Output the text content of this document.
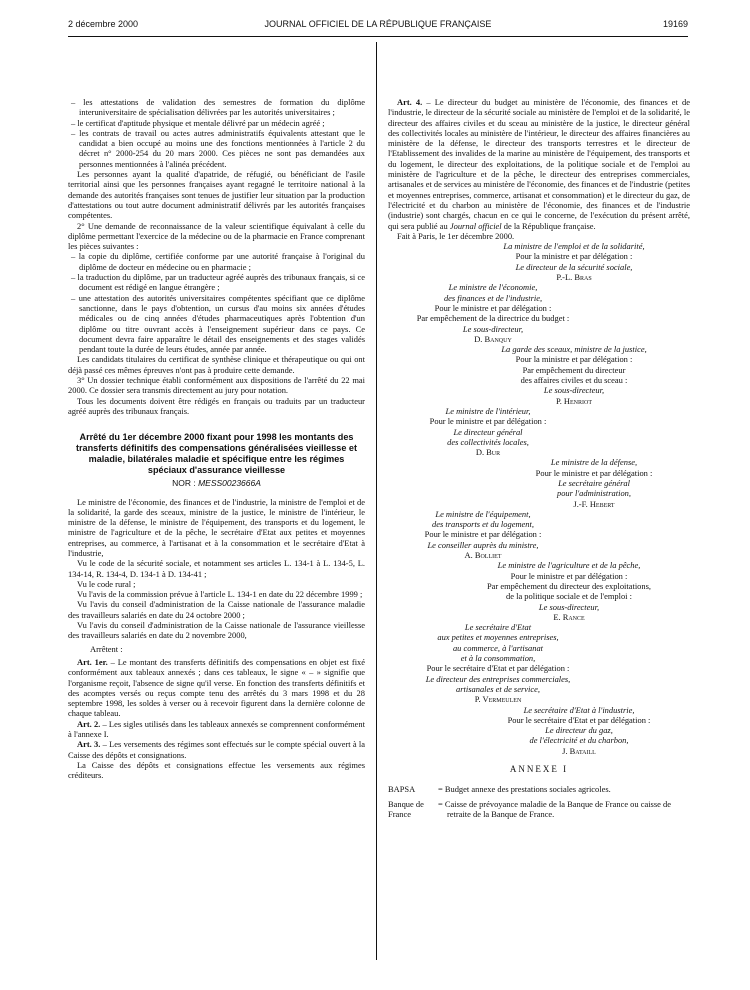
2 décembre 2000	JOURNAL OFFICIEL DE LA RÉPUBLIQUE FRANÇAISE	19169

– les attestations de validation des semestres de formation du diplôme interuniversitaire de spécialisation délivrées par les autorités universitaires ;

– le certificat d'aptitude physique et mentale délivré par un médecin agréé ;

– les contrats de travail ou actes autres administratifs équivalents attestant que le candidat a bien occupé au moins une des fonctions mentionnées à l'article 2 du décret n° 2000-254 du 20 mars 2000. Ces pièces ne sont pas demandées aux personnes mentionnées à l'alinéa précédent.

Les personnes ayant la qualité d'apatride, de réfugié, ou bénéficiant de l'asile territorial ainsi que les personnes françaises ayant regagné le territoire national à la demande des autorités françaises sont tenues de justifier leur situation par la production d'attestations ou tout autre document administratif délivrés par les autorités françaises compétentes.

2° Une demande de reconnaissance de la valeur scientifique équivalant à celle du diplôme permettant l'exercice de la médecine ou de la pharmacie en France comprenant les pièces suivantes :

– la copie du diplôme, certifiée conforme par une autorité française à l'original du diplôme de docteur en médecine ou en pharmacie ;

– la traduction du diplôme, par un traducteur agréé auprès des tribunaux français, si ce document est rédigé en langue étrangère ;

– une attestation des autorités universitaires compétentes spécifiant que ce diplôme sanctionne, dans le pays d'obtention, un cursus d'au moins six années d'études médicales ou de cinq années d'études pharmaceutiques après l'obtention d'un diplôme ou titre ouvrant accès à l'enseignement supérieur dans ce pays. Ce document devra faire apparaître le détail des enseignements et des stages validés pendant toute la durée de leurs études, année par année.

Les candidats titulaires du certificat de synthèse clinique et thérapeutique ou qui ont déjà passé ces mêmes épreuves n'ont pas à produire cette demande.

3° Un dossier technique établi conformément aux dispositions de l'arrêté du 22 mai 2000. Ce dossier sera transmis directement au jury pour notation.

Tous les documents doivent être rédigés en français ou traduits par un traducteur agréé auprès des tribunaux français.

Arrêté du 1er décembre 2000 fixant pour 1998 les montants des transferts définitifs des compensations généralisées vieillesse et maladie, bilatérales maladie et spécifique entre les régimes spéciaux d'assurance vieillesse
NOR : MESS0023666A

Le ministre de l'économie, des finances et de l'industrie, la ministre de l'emploi et de la solidarité, la garde des sceaux, ministre de la justice, le ministre de l'intérieur, le ministre de la défense, le ministre de l'équipement, des transports et du logement, le ministre de l'agriculture et de la pêche, le secrétaire d'Etat aux petites et moyennes entreprises, au commerce, à l'artisanat et à la consommation et le secrétaire d'Etat à l'industrie,

Vu le code de la sécurité sociale, et notamment ses articles L. 134-1 à L. 134-5, L. 134-14, R. 134-4, D. 134-1 à D. 134-41 ;

Vu le code rural ;

Vu l'avis de la commission prévue à l'article L. 134-1 en date du 22 décembre 1999 ;

Vu l'avis du conseil d'administration de la Caisse nationale de l'assurance maladie des travailleurs salariés en date du 24 octobre 2000 ;

Vu l'avis du conseil d'administration de la Caisse nationale de l'assurance vieillesse des travailleurs salariés en date du 2 novembre 2000,

Arrêtent :

Art. 1er. – Le montant des transferts définitifs des compensations en objet est fixé conformément aux tableaux annexés ; dans ces tableaux, le signe « – » signifie que l'organisme reçoit, l'absence de signe qu'il verse. En fonction des transferts définitifs et des acomptes versés ou reçus compte tenu des arrêtés du 3 mars 1998 et du 28 septembre 1998, les soldes à verser ou à recevoir figurent dans la dernière colonne de chaque tableau.

Art. 2. – Les sigles utilisés dans les tableaux annexés se comprennent conformément à l'annexe I.

Art. 3. – Les versements des régimes sont effectués sur le compte spécial ouvert à la Caisse des dépôts et consignations.

La Caisse des dépôts et consignations effectue les versements aux régimes créditeurs.

Art. 4. – Le directeur du budget au ministère de l'économie, des finances et de l'industrie, le directeur de la sécurité sociale au ministère de l'emploi et de la solidarité, le directeur des affaires civiles et du sceau au ministère de la justice, le directeur général des collectivités locales au ministère de l'intérieur, le directeur des affaires financières au ministère de la défense, le directeur des transports terrestres et le directeur de l'Etablissement des invalides de la marine au ministère de l'équipement, des transports et du logement, le directeur des exploitations, de la politique sociale et de l'emploi au ministère de l'agriculture et de la pêche, le directeur des entreprises commerciales, artisanales et de services au ministère de l'économie, des finances et de l'industrie (petites et moyennes entreprises, commerce, artisanat et consommation) et le directeur du gaz, de l'électricité et du charbon au ministère de l'économie, des finances et de l'industrie (industrie) sont chargés, chacun en ce qui le concerne, de l'exécution du présent arrêté, qui sera publié au Journal officiel de la République française.

Fait à Paris, le 1er décembre 2000.

La ministre de l'emploi et de la solidarité,
Pour la ministre et par délégation :
Le directeur de la sécurité sociale,
P.-L. Bras
Le ministre de l'économie,
des finances et de l'industrie,
Pour le ministre et par délégation :
Par empêchement de la directrice du budget :
Le sous-directeur,
D. Banquy
La garde des sceaux, ministre de la justice,
Pour la ministre et par délégation :
Par empêchement du directeur
des affaires civiles et du sceau :
Le sous-directeur,
P. Henriot
Le ministre de l'intérieur,
Pour le ministre et par délégation :
Le directeur général
des collectivités locales,
D. Bur
Le ministre de la défense,
Pour le ministre et par délégation :
Le secrétaire général
pour l'administration,
J.-F. Hebert
Le ministre de l'équipement,
des transports et du logement,
Pour le ministre et par délégation :
Le conseiller auprès du ministre,
A. Bolliet
Le ministre de l'agriculture et de la pêche,
Pour le ministre et par délégation :
Par empêchement du directeur des exploitations,
de la politique sociale et de l'emploi :
Le sous-directeur,
E. Rance
Le secrétaire d'Etat
aux petites et moyennes entreprises,
au commerce, à l'artisanat
et à la consommation,
Pour le secrétaire d'Etat et par délégation :
Le directeur des entreprises commerciales,
artisanales et de service,
P. Vermeulen
Le secrétaire d'Etat à l'industrie,
Pour le secrétaire d'Etat et par délégation :
Le directeur du gaz,
de l'électricité et du charbon,
J. Bataill
ANNEXE I
BAPSA	= Budget annexe des prestations sociales agricoles.
Banque de France	= Caisse de prévoyance maladie de la Banque de France ou caisse de retraite de la Banque de France.
